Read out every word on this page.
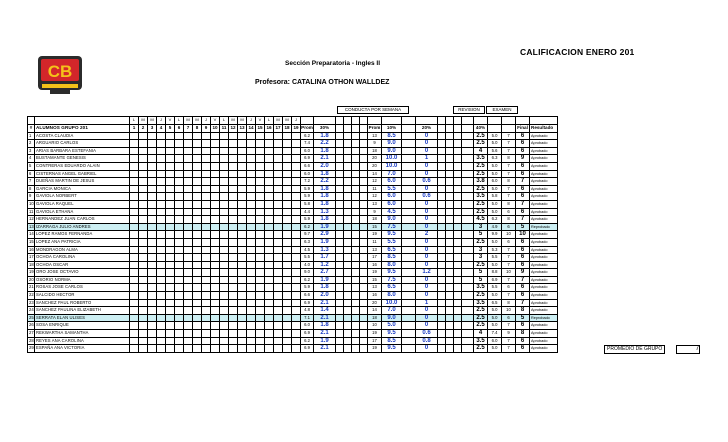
CB
CALIFICACION ENERO 201
Sección Preparatoria - Ingles II
Profesora: CATALINA OTHON WALLDEZ
CONDUCTA POR SEMANA	REVISION	EXAMEN
		L	M	M	J	V	L	M	M	J	V	L	M	M	J	V	L	M	M	J																			
#	ALUMNOS GRUPO 201	1	2	3	4	5	6	7	8	9	10	11	12	13	14	15	16	17	18	19	Prom	30%					Prom	10%		20%					40%			Final	Resultado
1	ACOSTA CLAUDIA																				6.2	1.8					13	8.5		0					2.5	5.0	7	6	Aprobado
2	ARGUARIO CARLOS																				7.4	2.2					9	9.0		0					2.5	5.0	7	6	Aprobado
3	ARIAS BARBARA ESTEFANIA																				6.0	1.8					18	9.0		0					4	5.6	7	6	Aprobado
4	BUSTAMANTE GENESIS																				6.9	2.1					20	10.0		1					3.5	6.3	8	9	Aprobado
5	CONTRERAS EDUARDO ALAIN																				6.6	2.0					20	10.0		0					2.5	5.0	7	6	Aprobado
6	CISTERNAS ANGEL GABRIEL																				6.0	1.8					14	7.0		0					2.5	5.0	7	6	Aprobado
7	DUEÑAS MARTIN DE JESUS																				7.2	2.2					12	6.0		0.6					3.8	6.0	8	7	Aprobado
8	GARCIA MONICA																				5.9	1.8					11	5.5		0					2.5	5.0	7	6	Aprobado
9	GAVIOLA NORBERT																				5.9	1.8					12	6.0		0.6					3.5	5.8	7	6	Aprobado
10	GAVIOLA RAQUEL																				5.8	1.8					13	6.0		0					2.5	5.0	8	7	Aprobado
11	GAVIOLA ETHANA																				4.4	1.3					9	4.5		0					2.5	5.0	6	6	Aprobado
12	HERNANDEZ JUAN CARLOS																				5.9	1.8					18	9.0		0					4.5	6.2	8	7	Aprobado
13	IZARRAGA JULIO ANDRES																				6.2	1.9					15	7.5		0					3	4.9	6	5	Reprobado
14	LOPEZ RAMOS FERNANDA																				9.7	2.9					19	9.5		2					5	9.9	10	10	Aprobado
15	LOPEZ ANA PATRICIA																				6.3	1.9					11	5.5		0					2.5	5.0	6	6	Aprobado
16	MONDRAGON ALMA																				4.5	1.3					13	6.5		0					3	5.3	7	6	Aprobado
17	OCHOA CAROLINA																				5.5	1.7					17	8.5		0					3	5.5	7	6	Aprobado
18	OCHOA OSCAR																				4.0	1.2					16	8.0		0					2.5	5.0	7	6	Aprobado
19	ORO JOSE OCTAVIO																				9.0	2.7					19	9.5		1.2					5	8.8	10	9	Aprobado
20	OSORIO NORMA																				6.2	1.9					15	7.5		0					5	6.9	7	7	Aprobado
21	ROSAS JOSE CARLOS																				5.9	1.8					13	6.5		0					3.5	5.5	6	6	Aprobado
22	SALCIDO HECTOR																				6.6	2.0					16	8.0		0					2.5	5.0	7	6	Aprobado
23	SANCHEZ PAUL ROBERTO																				6.9	2.1					20	10.0		1					3.5	6.5	8	7	Aprobado
24	SANCHEZ PAULINA ELIZABETH																				4.8	1.4					14	7.0		0					2.5	5.0	10	8	Aprobado
25	SERRATA ELAN ULISES																				7.1	2.1					18	9.0		0					2.5	5.0	6	5	Reprobado
26	SOSA ENRIQUE																				6.0	1.8					10	5.0		0					2.5	5.0	7	6	Aprobado
27	REKWARTHA SAMANTHA																				6.9	2.1					19	9.5		0.6					4	7.4	9	8	Aprobado
28	REYES ANA CAROLINA																				6.2	1.9					17	8.5		0.8					3.5	6.0	7	6	Aprobado
29	ESPAÑA ANA VICTORIA																				6.9	2.1					19	9.5		0					2.5	5.0	7	6	Aprobado	PROMEDIO DE GRUPO	7
